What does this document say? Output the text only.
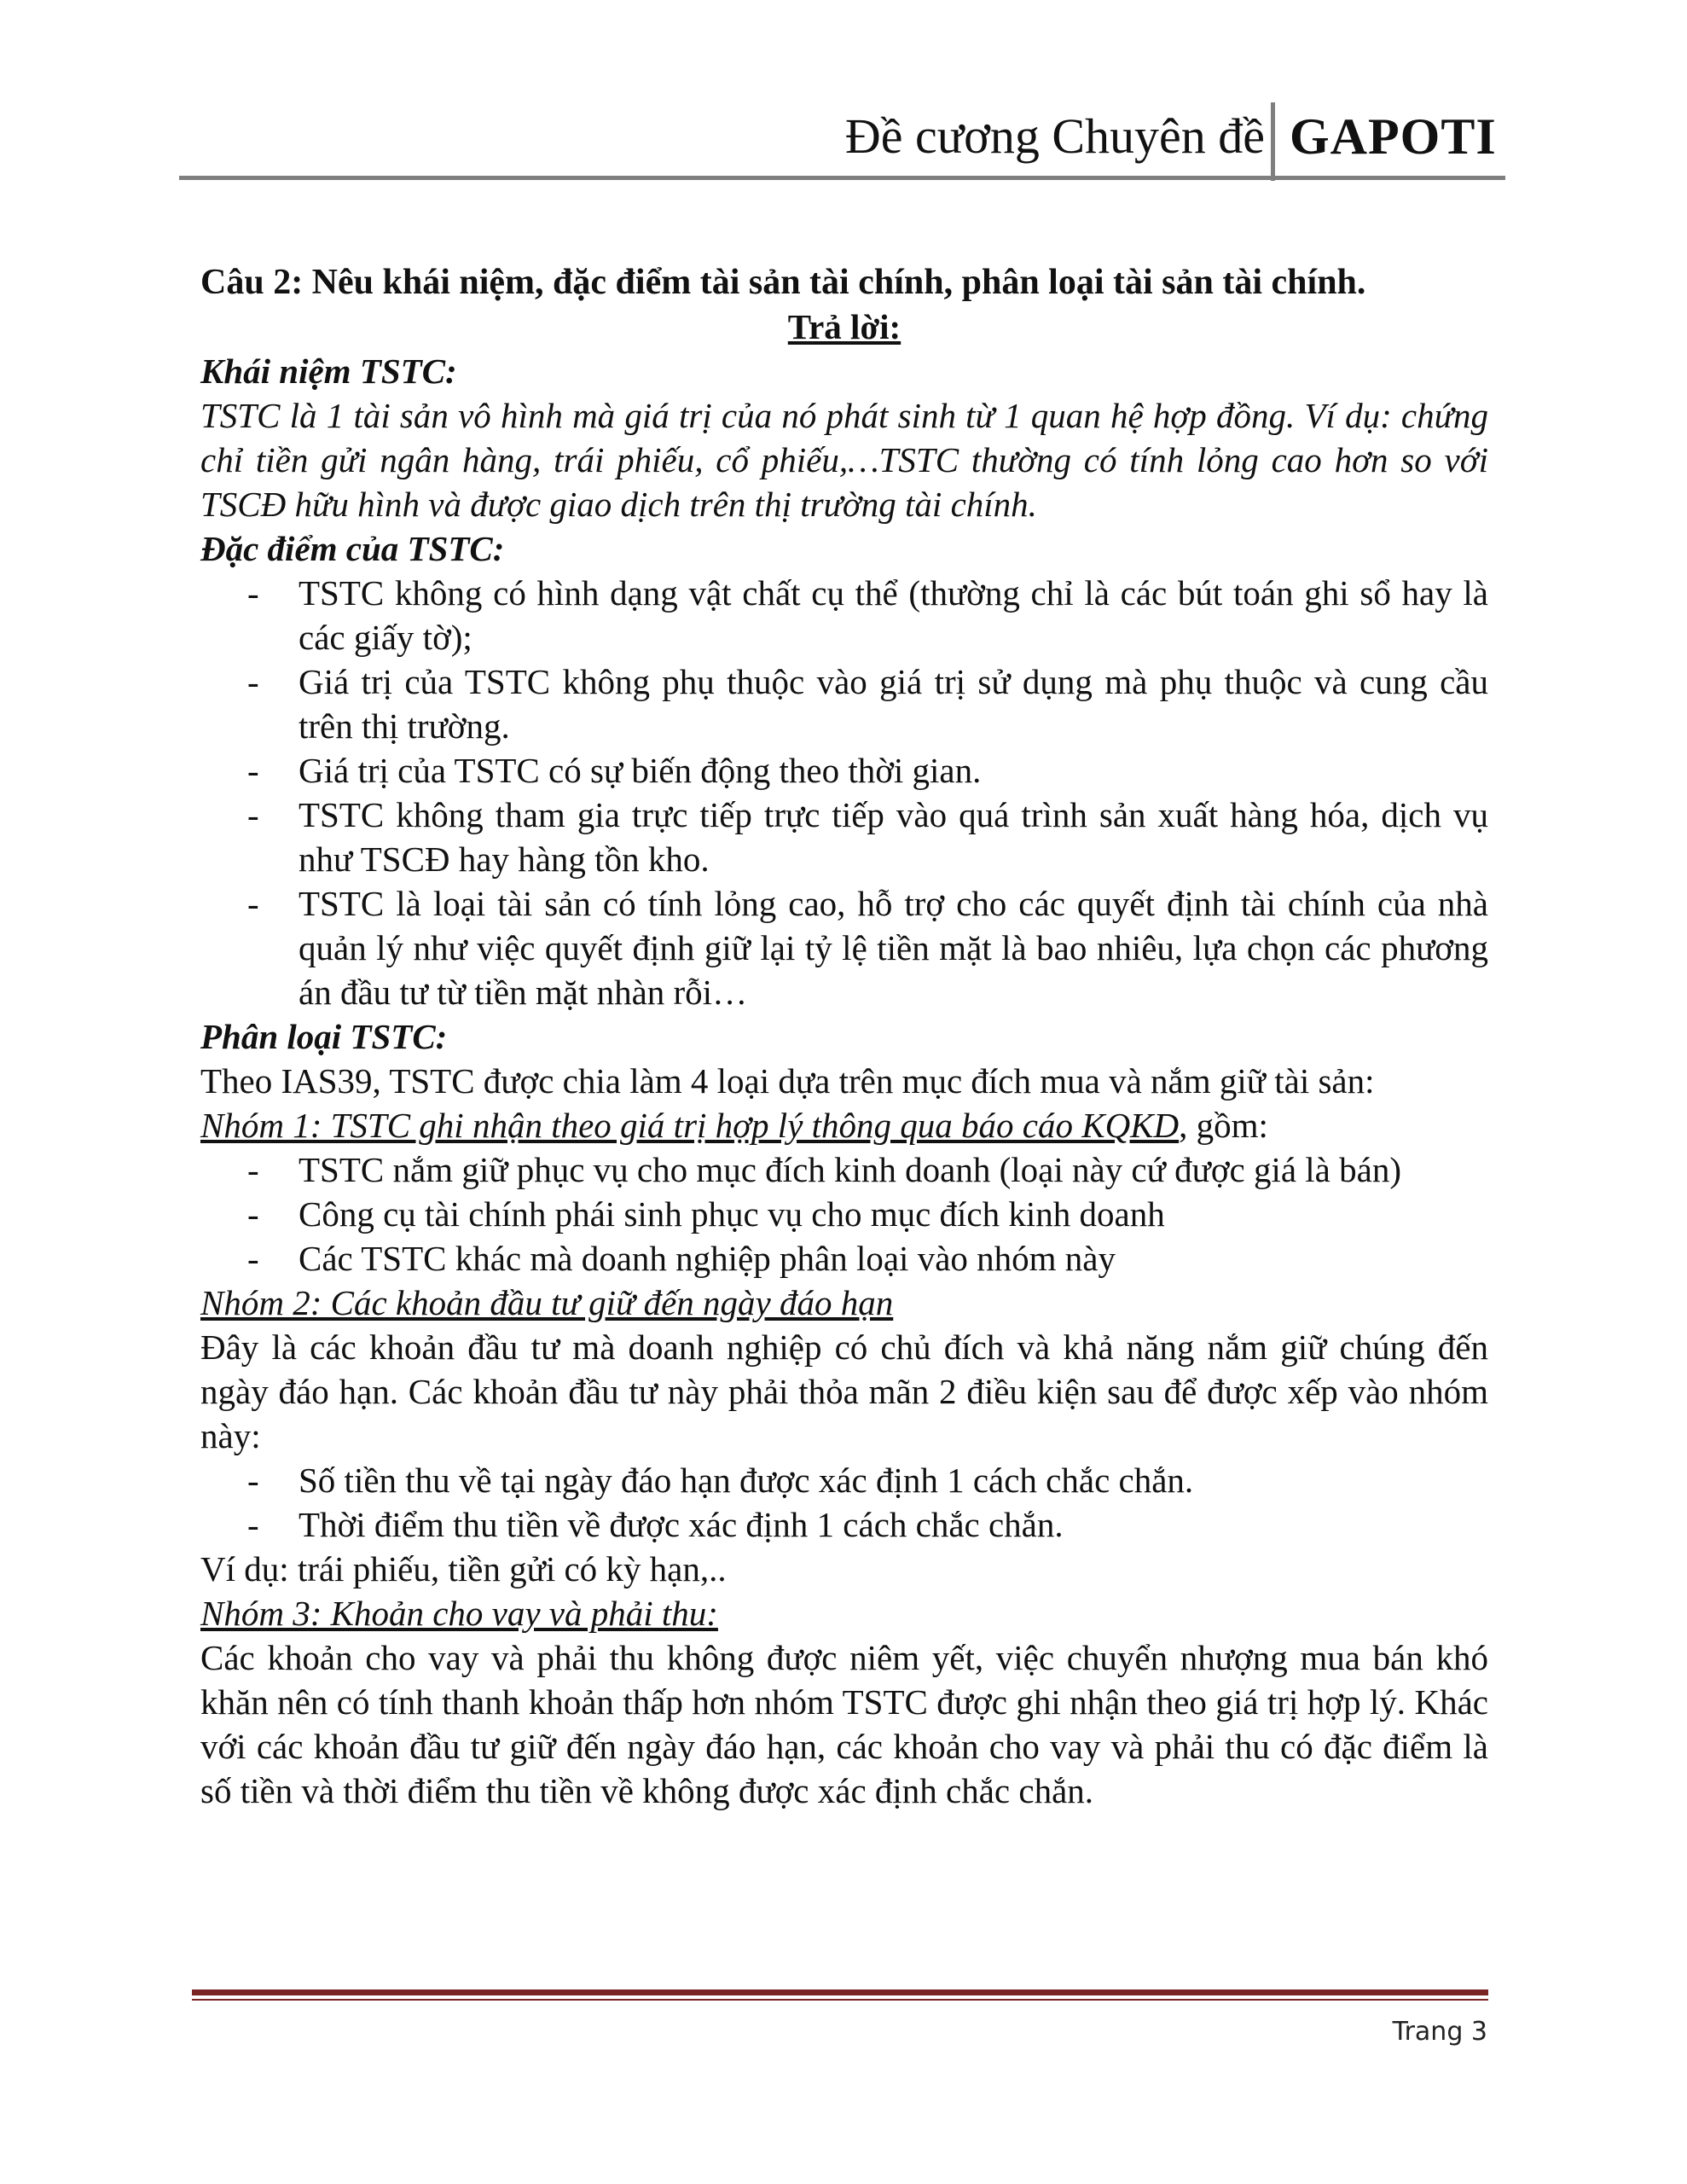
Đề cương Chuyên đề GAPOTI

Câu 2: Nêu khái niệm, đặc điểm tài sản tài chính, phân loại tài sản tài chính.

Trả lời:

Khái niệm TSTC:

TSTC là 1 tài sản vô hình mà giá trị của nó phát sinh từ 1 quan hệ hợp đồng. Ví dụ: chứng chỉ tiền gửi ngân hàng, trái phiếu, cổ phiếu,…TSTC thường có tính lỏng cao hơn so với TSCĐ hữu hình và được giao dịch trên thị trường tài chính.

Đặc điểm của TSTC:

- TSTC không có hình dạng vật chất cụ thể (thường chỉ là các bút toán ghi sổ hay là các giấy tờ);
- Giá trị của TSTC không phụ thuộc vào giá trị sử dụng mà phụ thuộc và cung cầu trên thị trường.
- Giá trị của TSTC có sự biến động theo thời gian.
- TSTC không tham gia trực tiếp trực tiếp vào quá trình sản xuất hàng hóa, dịch vụ như TSCĐ hay hàng tồn kho.
- TSTC là loại tài sản có tính lỏng cao, hỗ trợ cho các quyết định tài chính của nhà quản lý như việc quyết định giữ lại tỷ lệ tiền mặt là bao nhiêu, lựa chọn các phương án đầu tư từ tiền mặt nhàn rỗi…

Phân loại TSTC:

Theo IAS39, TSTC được chia làm 4 loại dựa trên mục đích mua và nắm giữ tài sản:

Nhóm 1: TSTC ghi nhận theo giá trị hợp lý thông qua báo cáo KQKD, gồm:

- TSTC nắm giữ phục vụ cho mục đích kinh doanh (loại này cứ được giá là bán)
- Công cụ tài chính phái sinh phục vụ cho mục đích kinh doanh
- Các TSTC khác mà doanh nghiệp phân loại vào nhóm này

Nhóm 2: Các khoản đầu tư giữ đến ngày đáo hạn

Đây là các khoản đầu tư mà doanh nghiệp có chủ đích và khả năng nắm giữ chúng đến ngày đáo hạn. Các khoản đầu tư này phải thỏa mãn 2 điều kiện sau để được xếp vào nhóm này:

- Số tiền thu về tại ngày đáo hạn được xác định 1 cách chắc chắn.
- Thời điểm thu tiền về được xác định 1 cách chắc chắn.

Ví dụ: trái phiếu, tiền gửi có kỳ hạn,..

Nhóm 3: Khoản cho vay và phải thu:

Các khoản cho vay và phải thu không được niêm yết, việc chuyển nhượng mua bán khó khăn nên có tính thanh khoản thấp hơn nhóm TSTC được ghi nhận theo giá trị hợp lý. Khác với các khoản đầu tư giữ đến ngày đáo hạn, các khoản cho vay và phải thu có đặc điểm là số tiền và thời điểm thu tiền về không được xác định chắc chắn.

Trang 3
